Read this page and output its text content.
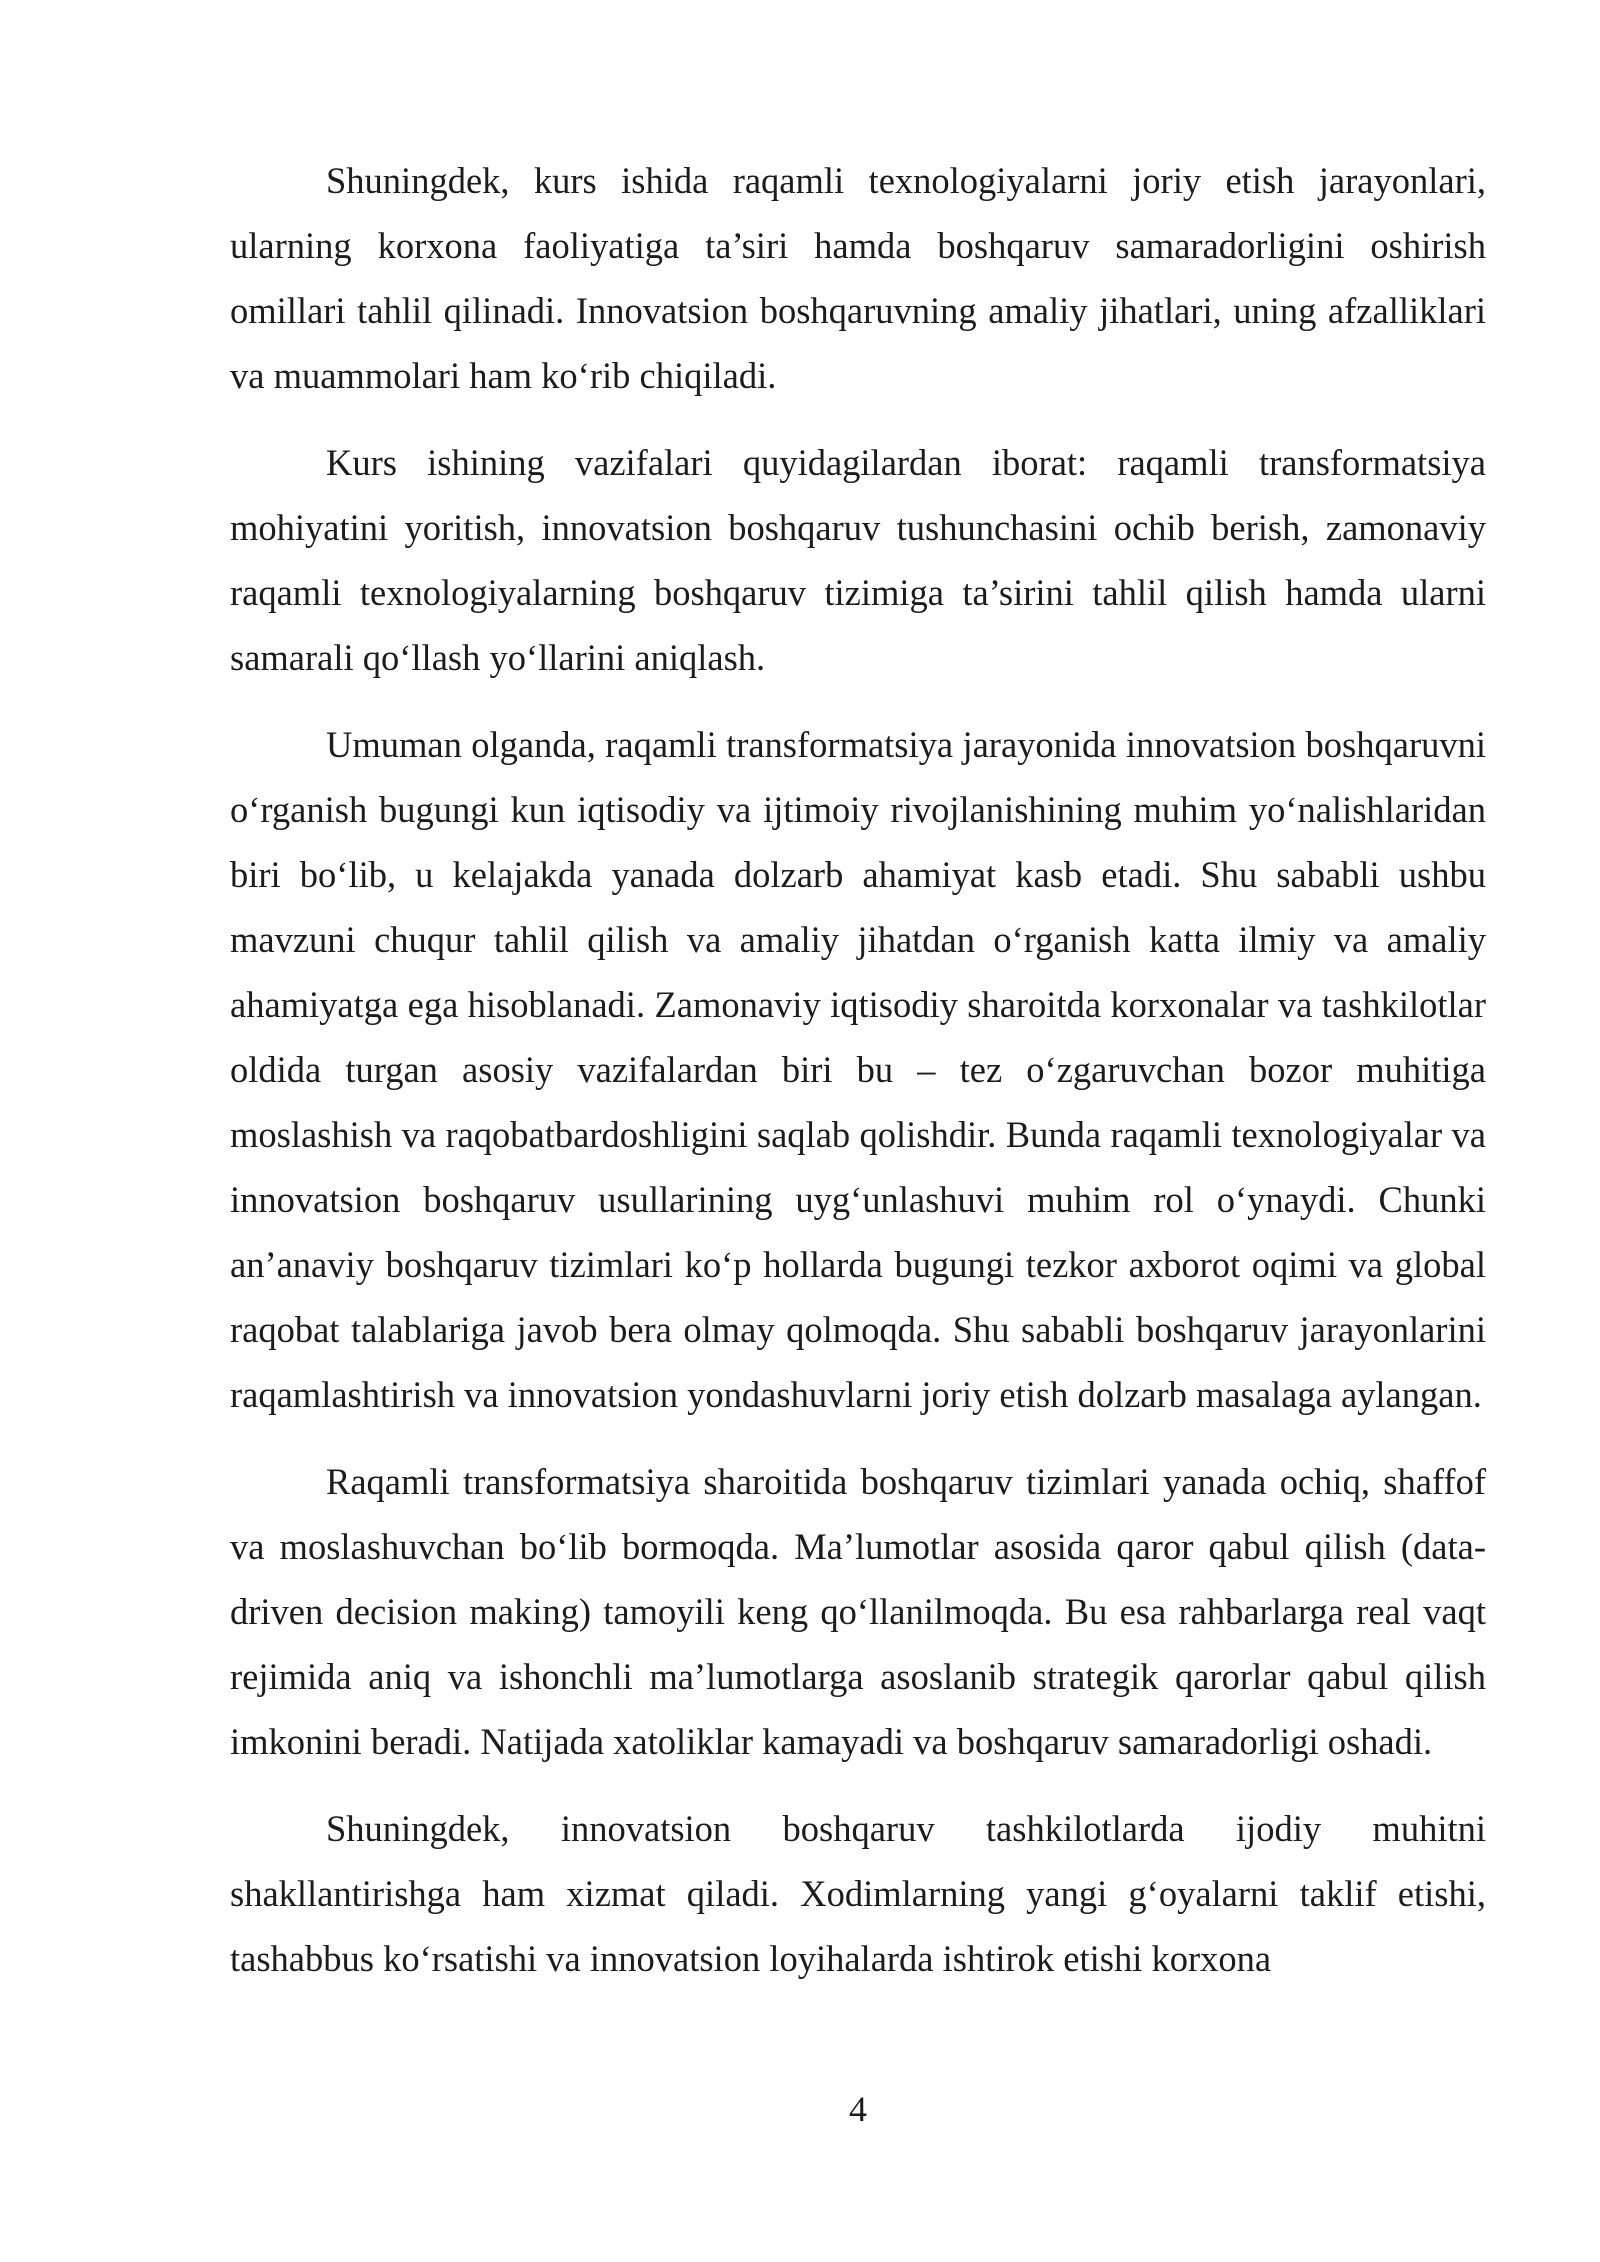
Shuningdek, kurs ishida raqamli texnologiyalarni joriy etish jarayonlari, ularning korxona faoliyatiga ta’siri hamda boshqaruv samaradorligini oshirish omillari tahlil qilinadi. Innovatsion boshqaruvning amaliy jihatlari, uning afzalliklari va muammolari ham ko‘rib chiqiladi.

Kurs ishining vazifalari quyidagilardan iborat: raqamli transformatsiya mohiyatini yoritish, innovatsion boshqaruv tushunchasini ochib berish, zamonaviy raqamli texnologiyalarning boshqaruv tizimiga ta’sirini tahlil qilish hamda ularni samarali qo‘llash yo‘llarini aniqlash.

Umuman olganda, raqamli transformatsiya jarayonida innovatsion boshqaruvni o‘rganish bugungi kun iqtisodiy va ijtimoiy rivojlanishining muhim yo‘nalishlaridan biri bo‘lib, u kelajakda yanada dolzarb ahamiyat kasb etadi. Shu sababli ushbu mavzuni chuqur tahlil qilish va amaliy jihatdan o‘rganish katta ilmiy va amaliy ahamiyatga ega hisoblanadi. Zamonaviy iqtisodiy sharoitda korxonalar va tashkilotlar oldida turgan asosiy vazifalardan biri bu – tez o‘zgaruvchan bozor muhitiga moslashish va raqobatbardoshligini saqlab qolishdir. Bunda raqamli texnologiyalar va innovatsion boshqaruv usullarining uyg‘unlashuvi muhim rol o‘ynaydi. Chunki an’anaviy boshqaruv tizimlari ko‘p hollarda bugungi tezkor axborot oqimi va global raqobat talablariga javob bera olmay qolmoqda. Shu sababli boshqaruv jarayonlarini raqamlashtirish va innovatsion yondashuvlarni joriy etish dolzarb masalaga aylangan.

Raqamli transformatsiya sharoitida boshqaruv tizimlari yanada ochiq, shaffof va moslashuvchan bo‘lib bormoqda. Ma’lumotlar asosida qaror qabul qilish (data-driven decision making) tamoyili keng qo‘llanilmoqda. Bu esa rahbarlarga real vaqt rejimida aniq va ishonchli ma’lumotlarga asoslanib strategik qarorlar qabul qilish imkonini beradi. Natijada xatoliklar kamayadi va boshqaruv samaradorligi oshadi.

Shuningdek, innovatsion boshqaruv tashkilotlarda ijodiy muhitni shakllantirishga ham xizmat qiladi. Xodimlarning yangi g‘oyalarni taklif etishi, tashabbus ko‘rsatishi va innovatsion loyihalarda ishtirok etishi korxona

4
